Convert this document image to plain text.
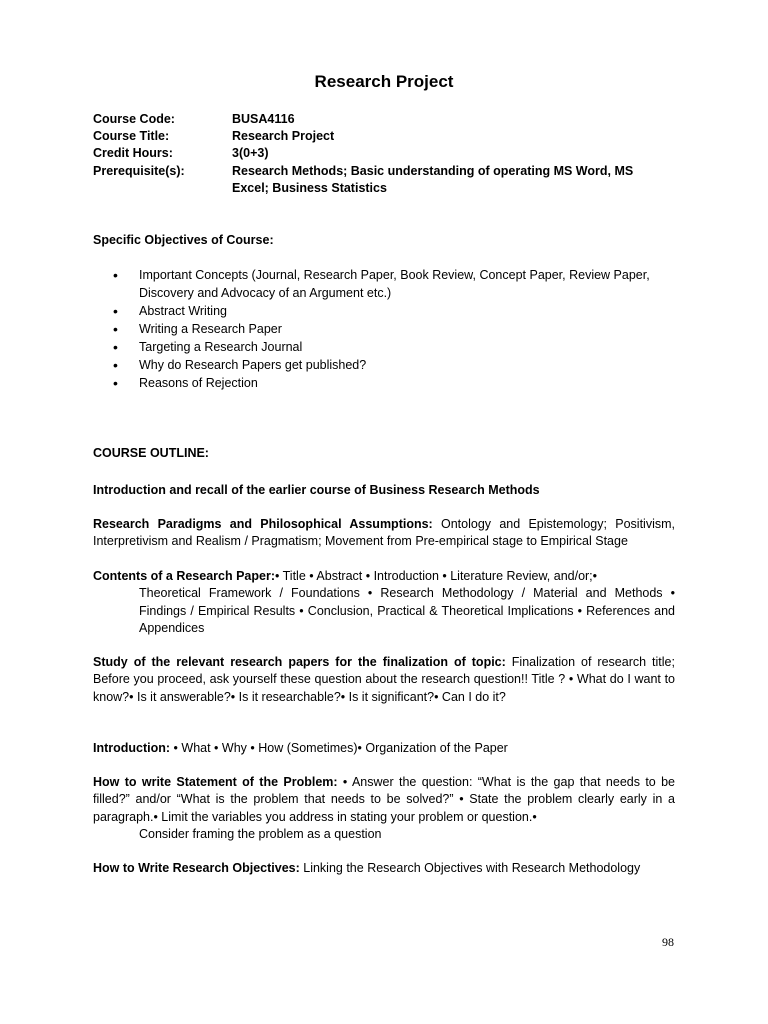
Research Project
Course Code:	BUSA4116
Course Title:	Research Project
Credit Hours:	3(0+3)
Prerequisite(s):	Research Methods; Basic understanding of operating MS Word, MS Excel; Business Statistics
Specific Objectives of Course:
• Important Concepts (Journal, Research Paper, Book Review, Concept Paper, Review Paper, Discovery and Advocacy of an Argument etc.)
• Abstract Writing
• Writing a Research Paper
• Targeting a Research Journal
• Why do Research Papers get published?
• Reasons of Rejection
COURSE OUTLINE:
Introduction and recall of the earlier course of Business Research Methods
Research Paradigms and Philosophical Assumptions: Ontology and Epistemology; Positivism, Interpretivism and Realism / Pragmatism; Movement from Pre-empirical stage to Empirical Stage
Contents of a Research Paper:• Title • Abstract • Introduction • Literature Review, and/or;•
Theoretical Framework / Foundations • Research Methodology / Material and Methods • Findings / Empirical Results • Conclusion, Practical & Theoretical Implications • References and Appendices
Study of the relevant research papers for the finalization of topic: Finalization of research title; Before you proceed, ask yourself these question about the research question!! Title ? • What do I want to know?• Is it answerable?• Is it researchable?• Is it significant?• Can I do it?
Introduction: • What • Why • How (Sometimes)• Organization of the Paper
How to write Statement of the Problem: • Answer the question: “What is the gap that needs to be filled?” and/or “What is the problem that needs to be solved?” • State the problem clearly early in a paragraph.• Limit the variables you address in stating your problem or question.•
Consider framing the problem as a question
How to Write Research Objectives: Linking the Research Objectives with Research Methodology
98
